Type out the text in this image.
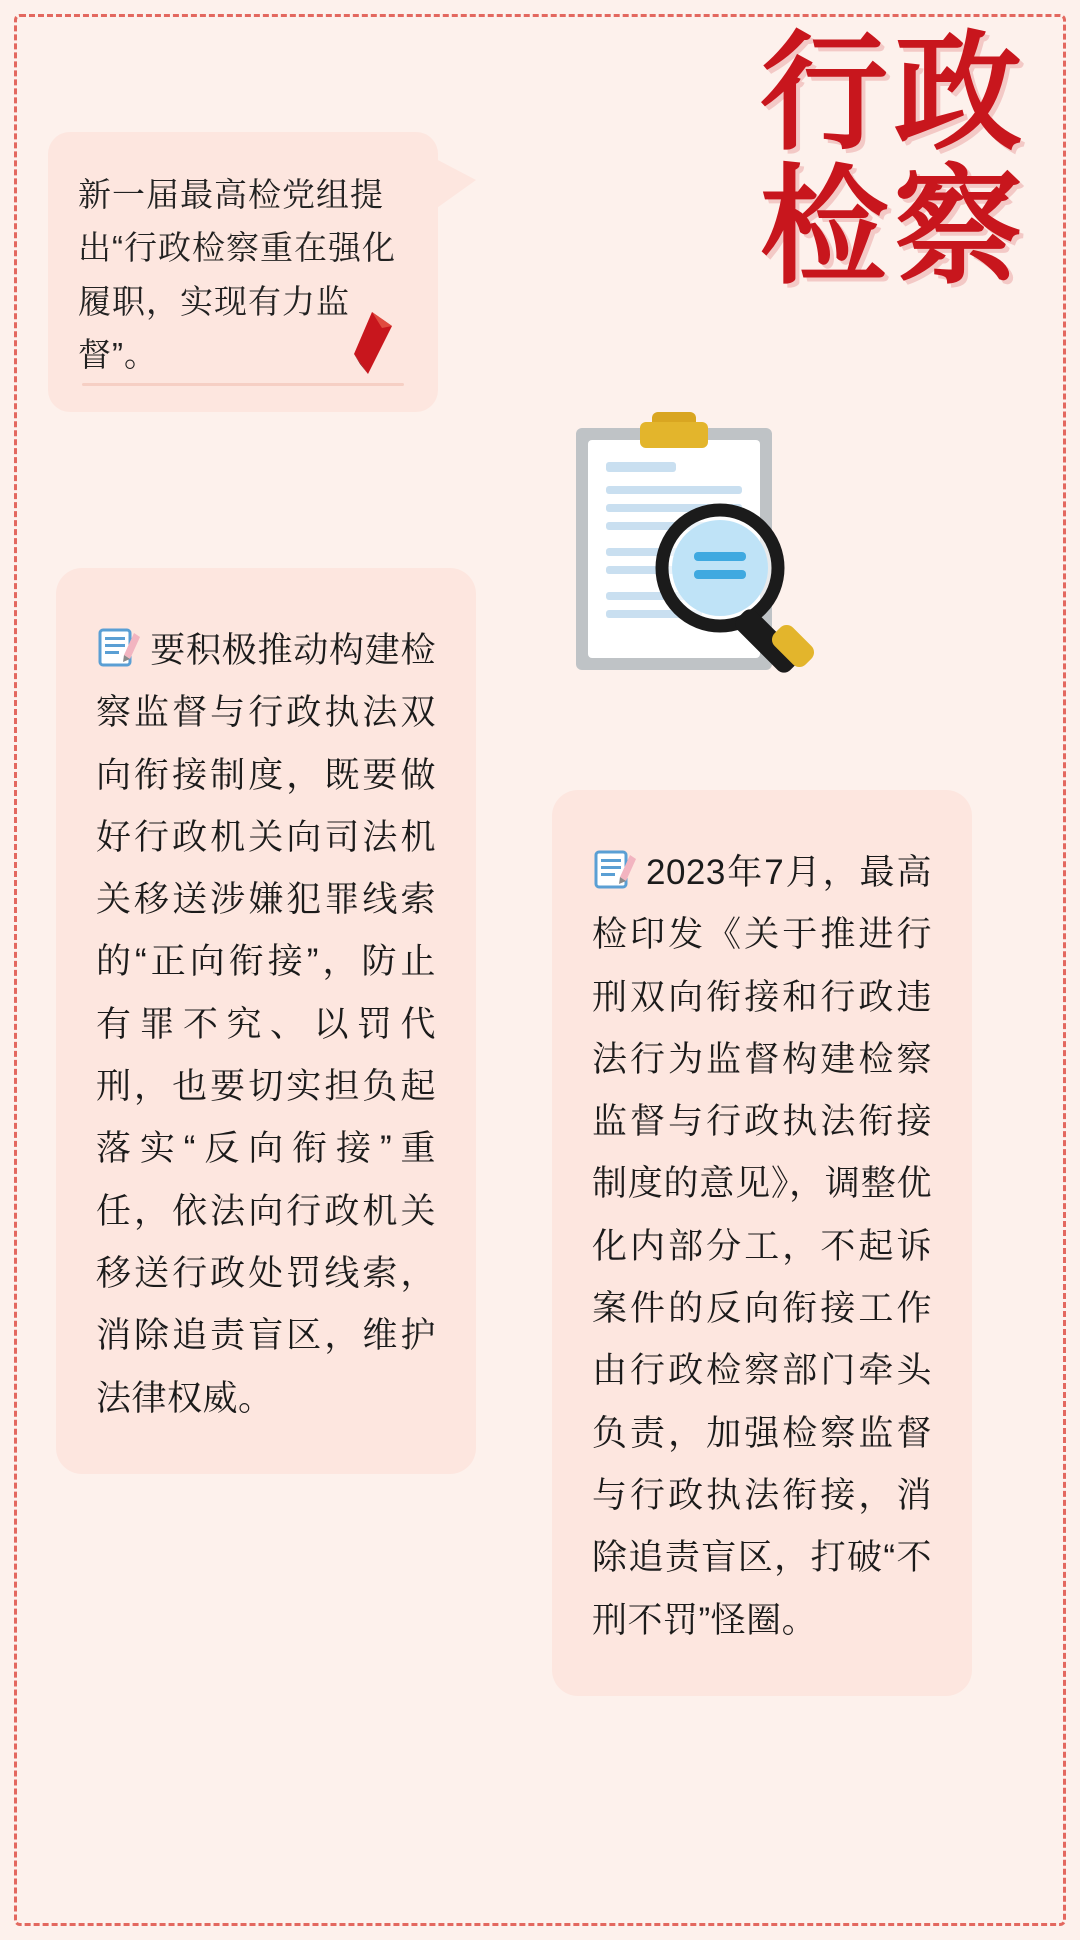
行政
检察
新一届最高检党组提出“行政检察重在强化履职，实现有力监督”。
要积极推动构建检察监督与行政执法双向衔接制度，既要做好行政机关向司法机关移送涉嫌犯罪线索的“正向衔接”，防止有罪不究、以罚代刑，也要切实担负起落实“反向衔接”重任，依法向行政机关移送行政处罚线索，消除追责盲区，维护法律权威。
2023年7月，最高检印发《关于推进行刑双向衔接和行政违法行为监督构建检察监督与行政执法衔接制度的意见》，调整优化内部分工，不起诉案件的反向衔接工作由行政检察部门牵头负责，加强检察监督与行政执法衔接，消除追责盲区，打破“不刑不罚”怪圈。
